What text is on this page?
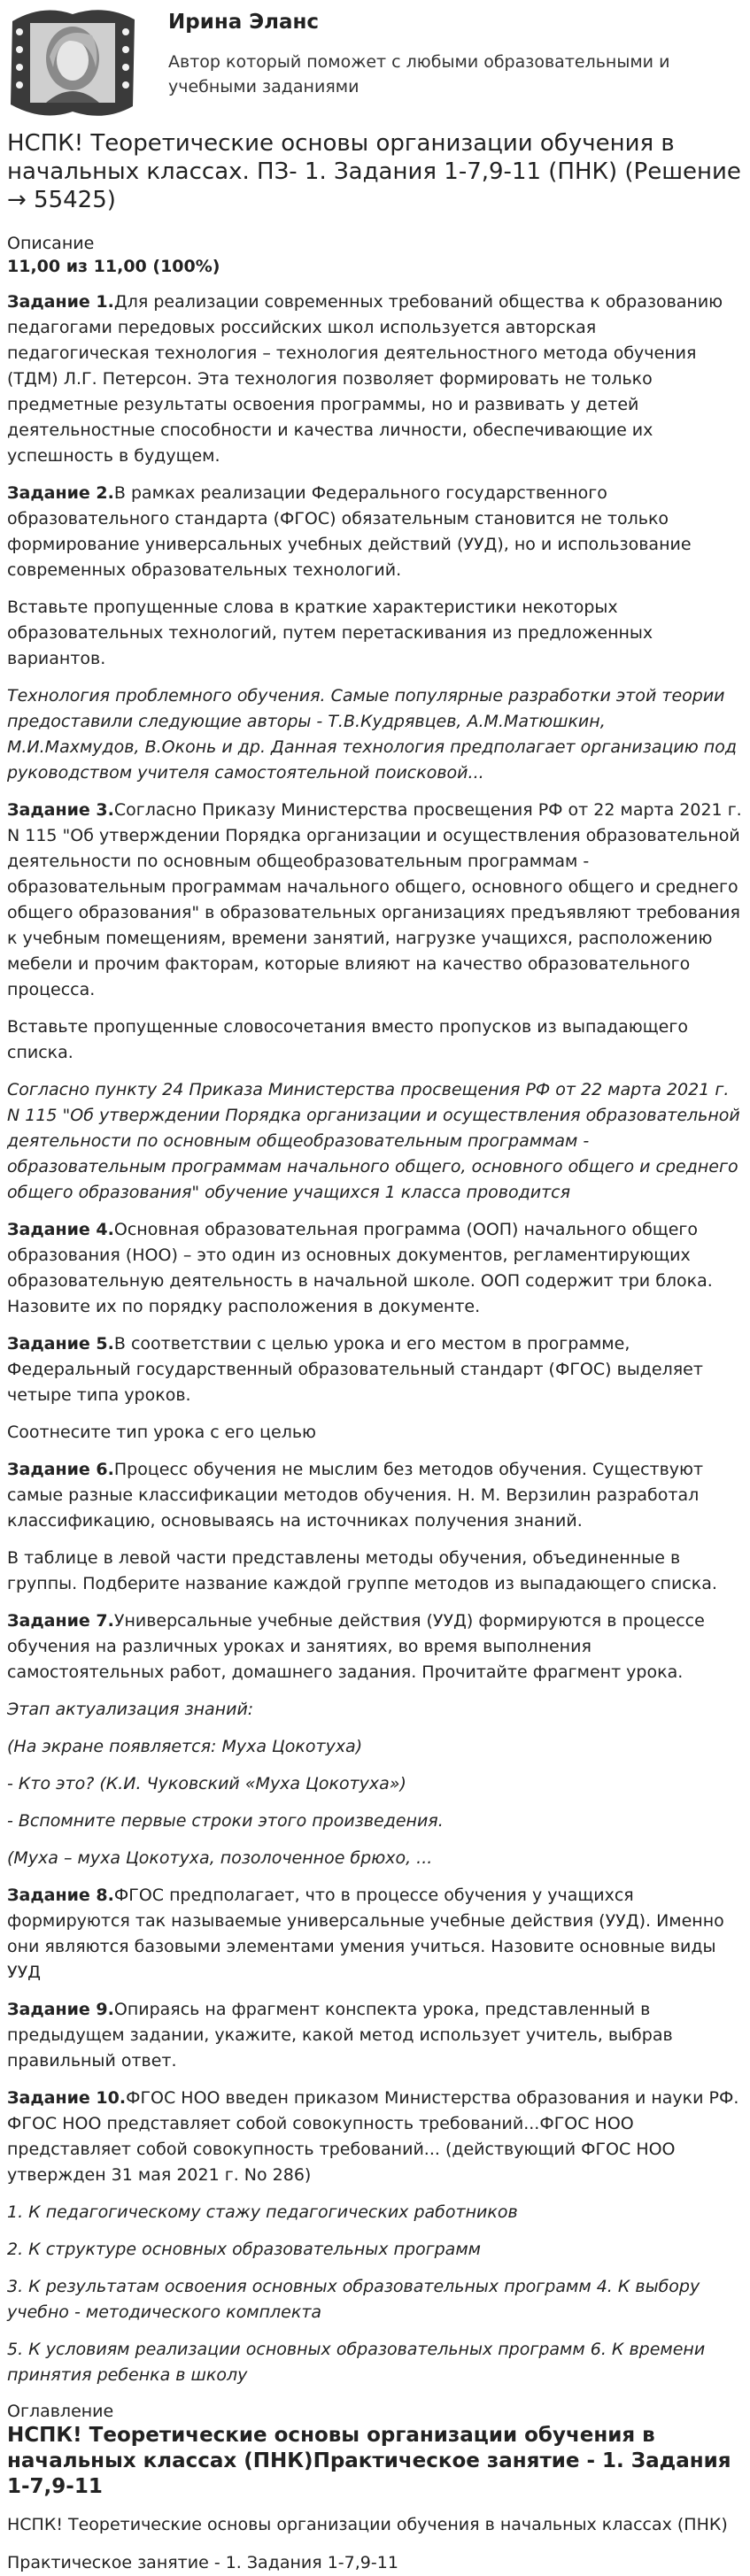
Ирина Эланс
Автор который поможет с любыми образовательными и учебными заданиями
НСПК! Теоретические основы организации обучения в начальных классах. ПЗ- 1. Задания 1-7,9-11 (ПНК) (Решение → 55425)
Описание
11,00 из 11,00 (100%)

Задание 1.Для реализации современных требований общества к образованию педагогами передовых российских школ используется авторская педагогическая технология – технология деятельностного метода обучения (ТДМ) Л.Г. Петерсон. Эта технология позволяет формировать не только предметные результаты освоения программы, но и развивать у детей деятельностные способности и качества личности, обеспечивающие их успешность в будущем.

Задание 2.В рамках реализации Федерального государственного образовательного стандарта (ФГОС) обязательным становится не только формирование универсальных учебных действий (УУД), но и использование современных образовательных технологий.

Вставьте пропущенные слова в краткие характеристики некоторых образовательных технологий, путем перетаскивания из предложенных вариантов.

Технология проблемного обучения. Самые популярные разработки этой теории предоставили следующие авторы - Т.В.Кудрявцев, А.М.Матюшкин, М.И.Махмудов, В.Оконь и др. Данная технология предполагает организацию под руководством учителя самостоятельной поисковой...

Задание 3.Согласно Приказу Министерства просвещения РФ от 22 марта 2021 г. N 115 "Об утверждении Порядка организации и осуществления образовательной деятельности по основным общеобразовательным программам - образовательным программам начального общего, основного общего и среднего общего образования" в образовательных организациях предъявляют требования к учебным помещениям, времени занятий, нагрузке учащихся, расположению мебели и прочим факторам, которые влияют на качество образовательного процесса.

Вставьте пропущенные словосочетания вместо пропусков из выпадающего списка.

Согласно пункту 24 Приказа Министерства просвещения РФ от 22 марта 2021 г. N 115 "Об утверждении Порядка организации и осуществления образовательной деятельности по основным общеобразовательным программам - образовательным программам начального общего, основного общего и среднего общего образования" обучение учащихся 1 класса проводится

Задание 4.Основная образовательная программа (ООП) начального общего образования (НОО) – это один из основных документов, регламентирующих образовательную деятельность в начальной школе. ООП содержит три блока. Назовите их по порядку расположения в документе.

Задание 5.В соответствии с целью урока и его местом в программе, Федеральный государственный образовательный стандарт (ФГОС) выделяет четыре типа уроков.

Соотнесите тип урока с его целью

Задание 6.Процесс обучения не мыслим без методов обучения. Существуют самые разные классификации методов обучения. Н. М. Верзилин разработал классификацию, основываясь на источниках получения знаний.

В таблице в левой части представлены методы обучения, объединенные в группы. Подберите название каждой группе методов из выпадающего списка.

Задание 7.Универсальные учебные действия (УУД) формируются в процессе обучения на различных уроках и занятиях, во время выполнения самостоятельных работ, домашнего задания. Прочитайте фрагмент урока.

Этап актуализация знаний:

(На экране появляется: Муха Цокотуха)

- Кто это? (К.И. Чуковский «Муха Цокотуха»)

- Вспомните первые строки этого произведения.

(Муха – муха Цокотуха, позолоченное брюхо, ...

Задание 8.ФГОС предполагает, что в процессе обучения у учащихся формируются так называемые универсальные учебные действия (УУД). Именно они являются базовыми элементами умения учиться. Назовите основные виды УУД

Задание 9.Опираясь на фрагмент конспекта урока, представленный в предыдущем задании, укажите, какой метод использует учитель, выбрав правильный ответ.

Задание 10.ФГОС НОО введен приказом Министерства образования и науки РФ. ФГОС НОО представляет собой совокупность требований...ФГОС НОО представляет собой совокупность требований... (действующий ФГОС НОО утвержден 31 мая 2021 г. No 286)

1. К педагогическому стажу педагогических работников

2. К структуре основных образовательных программ

3. К результатам освоения основных образовательных программ 4. К выбору учебно - методического комплекта

5. К условиям реализации основных образовательных программ 6. К времени принятия ребенка в школу

Оглавление
НСПК! Теоретические основы организации обучения в начальных классах (ПНК)Практическое занятие - 1. Задания 1-7,9-11
НСПК! Теоретические основы организации обучения в начальных классах (ПНК)
Практическое занятие - 1. Задания 1-7,9-11
